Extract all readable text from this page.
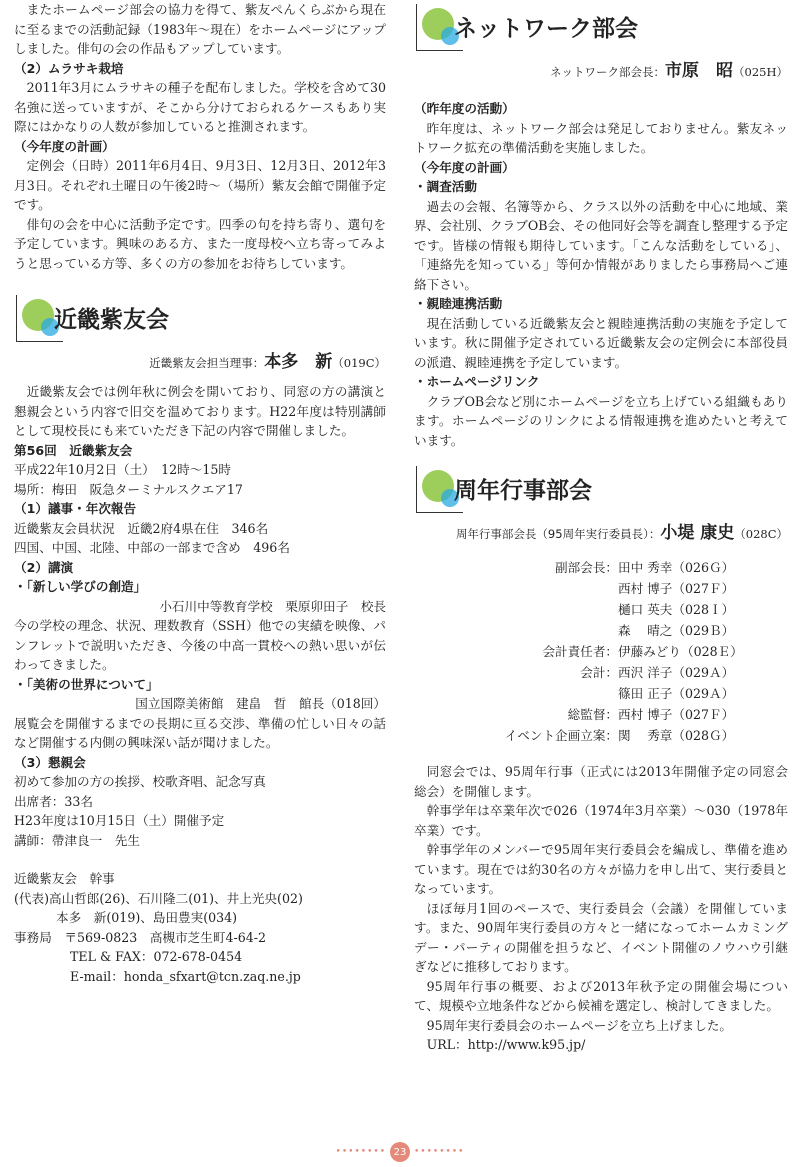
またホームページ部会の協力を得て、紫友ぺんくらぶから現在に至るまでの活動記録（1983年〜現在）をホームページにアップしました。俳句の会の作品もアップしています。

（2）ムラサキ栽培

2011年3月にムラサキの種子を配布しました。学校を含めて30名強に送っていますが、そこから分けておられるケースもあり実際にはかなりの人数が参加していると推測されます。

（今年度の計画）

定例会（日時）2011年6月4日、9月3日、12月3日、2012年3月3日。それぞれ土曜日の午後2時〜（場所）紫友会館で開催予定です。

俳句の会を中心に活動予定です。四季の句を持ち寄り、選句を予定しています。興味のある方、また一度母校へ立ち寄ってみようと思っている方等、多くの方の参加をお待ちしています。

近畿紫友会

近畿紫友会担当理事：本多　新（019C）

近畿紫友会では例年秋に例会を開いており、同窓の方の講演と懇親会という内容で旧交を温めております。H22年度は特別講師として現校長にも来ていただき下記の内容で開催しました。

第56回　近畿紫友会

平成22年10月2日（土）　12時〜15時

場所：梅田　阪急ターミナルスクエア17

（1）議事・年次報告

近畿紫友会員状況　近畿2府4県在住　346名

四国、中国、北陸、中部の一部まで含め　496名

（2）講演

・「新しい学びの創造」

小石川中等教育学校　栗原卯田子　校長

今の学校の理念、状況、理数教育（SSH）他での実績を映像、パンフレットで説明いただき、今後の中高一貫校への熱い思いが伝わってきました。

・「美術の世界について」

国立国際美術館　建畠　晢　館長（018回）

展覧会を開催するまでの長期に亘る交渉、準備の忙しい日々の話など開催する内側の興味深い話が聞けました。

（3）懇親会

初めて参加の方の挨拶、校歌斉唱、記念写真

出席者：33名

H23年度は10月15日（土）開催予定

講師：帶津良一　先生

近畿紫友会　幹事

(代表)高山哲郎(26)、石川隆二(01)、井上光央(02)

本多　新(019)、島田豊実(034)

事務局　〒569-0823　高槻市芝生町4-64-2

TEL & FAX：072-678-0454

E-mail：honda_sfxart@tcn.zaq.ne.jp

ネットワーク部会

ネットワーク部会長：市原　昭（025H）

（昨年度の活動）

昨年度は、ネットワーク部会は発足しておりません。紫友ネットワーク拡充の準備活動を実施しました。

（今年度の計画）

・調査活動

過去の会報、名簿等から、クラス以外の活動を中心に地域、業界、会社別、クラブOB会、その他同好会等を調査し整理する予定です。皆様の情報も期待しています。「こんな活動をしている」、「連絡先を知っている」等何か情報がありましたら事務局へご連絡下さい。

・親睦連携活動

現在活動している近畿紫友会と親睦連携活動の実施を予定しています。秋に開催予定されている近畿紫友会の定例会に本部役員の派遣、親睦連携を予定しています。

・ホームページリンク

クラブOB会など別にホームページを立ち上げている組織もあります。ホームページのリンクによる情報連携を進めたいと考えています。

周年行事部会

周年行事部会長（95周年実行委員長）：小堤 康史（028C）

副部会長： 田中 秀幸（026Ｇ）
西村 博子（027Ｆ）
樋口 英夫（028Ｉ）
森　 晴之（029Ｂ）
会計責任者： 伊藤みどり（028Ｅ）
会計： 西沢 洋子（029Ａ）
篠田 正子（029Ａ）
総監督： 西村 博子（027Ｆ）
イベント企画立案： 関　 秀章（028Ｇ）

同窓会では、95周年行事（正式には2013年開催予定の同窓会総会）を開催します。

幹事学年は卒業年次で026（1974年3月卒業）〜030（1978年卒業）です。

幹事学年のメンバーで95周年実行委員会を編成し、準備を進めています。現在では約30名の方々が協力を申し出て、実行委員となっています。

ほぼ毎月1回のペースで、実行委員会（会議）を開催しています。また、90周年実行委員の方々と一緒になってホームカミングデー・パーティの開催を担うなど、イベント開催のノウハウ引継ぎなどに推移しております。

95周年行事の概要、および2013年秋予定の開催会場について、規模や立地条件などから候補を選定し、検討してきました。

95周年実行委員会のホームページを立ち上げました。

URL：http://www.k95.jp/

•••••••• 23 ••••••••
